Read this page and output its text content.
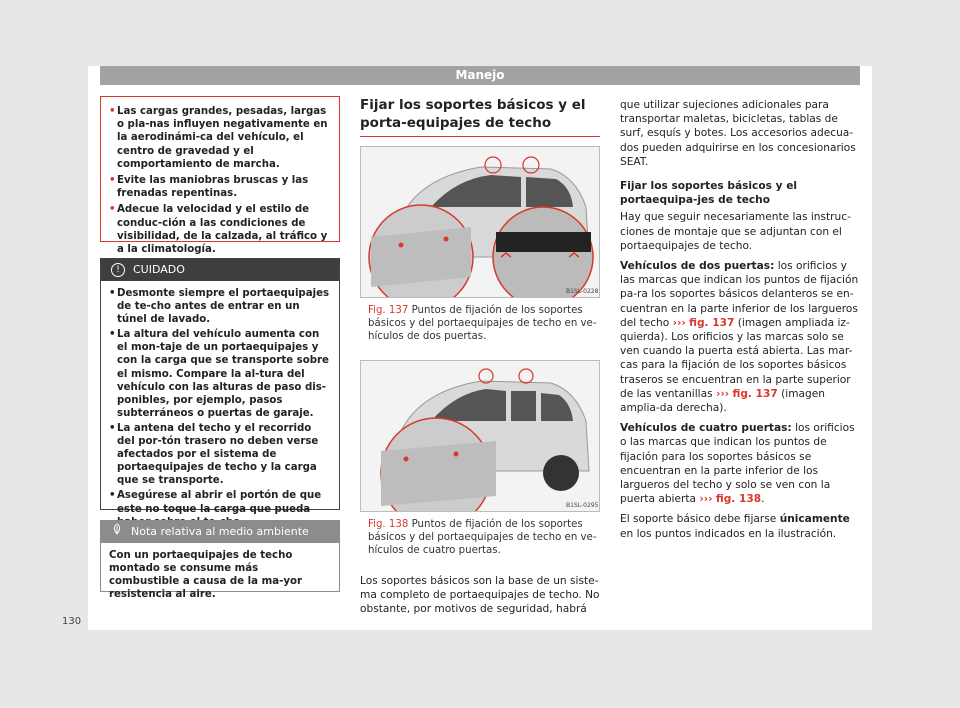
Manejo
• Las cargas grandes, pesadas, largas o pla-nas influyen negativamente en la aerodinámi-ca del vehículo, el centro de gravedad y el comportamiento de marcha.
• Evite las maniobras bruscas y las frenadas repentinas.
• Adecue la velocidad y el estilo de conduc-ción a las condiciones de visibilidad, de la calzada, al tráfico y a la climatología.
!	CUIDADO
• Desmonte siempre el portaequipajes de te-cho antes de entrar en un túnel de lavado.
• La altura del vehículo aumenta con el mon-taje de un portaequipajes y con la carga que se transporte sobre el mismo. Compare la al-tura del vehículo con las alturas de paso dis-ponibles, por ejemplo, pasos subterráneos o puertas de garaje.
• La antena del techo y el recorrido del por-tón trasero no deben verse afectados por el sistema de portaequipajes de techo y la carga que se transporte.
• Asegúrese al abrir el portón de que este no toque la carga que pueda
Nota relativa al medio ambiente

Con un portaequipajes de techo montado se consume más combustible a causa de la ma-yor resistencia al aire.

Fijar los soportes básicos y el porta-equipajes de techo
B1SL-0228
Fig. 137 Puntos de fijación de los soportes básicos y del portaequipajes de techo en ve-hículos de dos puertas.
B1SL-0295
Fig. 138 Puntos de fijación de los soportes básicos y del portaequipajes de techo en ve-hículos de cuatro puertas.

Los soportes básicos son la base de un siste-ma completo de portaequipajes de techo. No obstante, por motivos de seguridad, habrá

que utilizar sujeciones adicionales para transportar maletas, bicicletas, tablas de surf, esquís y botes. Los accesorios adecua-dos pueden adquirirse en los concesionarios SEAT.

Fijar los soportes básicos y el portaequipa-jes de techo

Hay que seguir necesariamente las instruc-ciones de montaje que se adjuntan con el portaequipajes de techo.

Vehículos de dos puertas: los orificios y las marcas que indican los puntos de fijación pa-ra los soportes básicos delanteros se en-cuentran en la parte inferior de los largueros del techo ››› fig. 137 (imagen ampliada iz-quierda). Los orificios y las marcas solo se ven cuando la puerta está abierta. Las mar-cas para la fijación de los soportes básicos traseros se encuentran en la parte superior de las ventanillas ››› fig. 137 (imagen amplia-da derecha).

Vehículos de cuatro puertas: los orificios o las marcas que indican los puntos de fijación para los soportes básicos se encuentran en la parte inferior de los largueros del techo y solo se ven con la puerta abierta ››› fig. 138.

El soporte básico debe fijarse únicamente en los puntos indicados en la ilustración.

130
